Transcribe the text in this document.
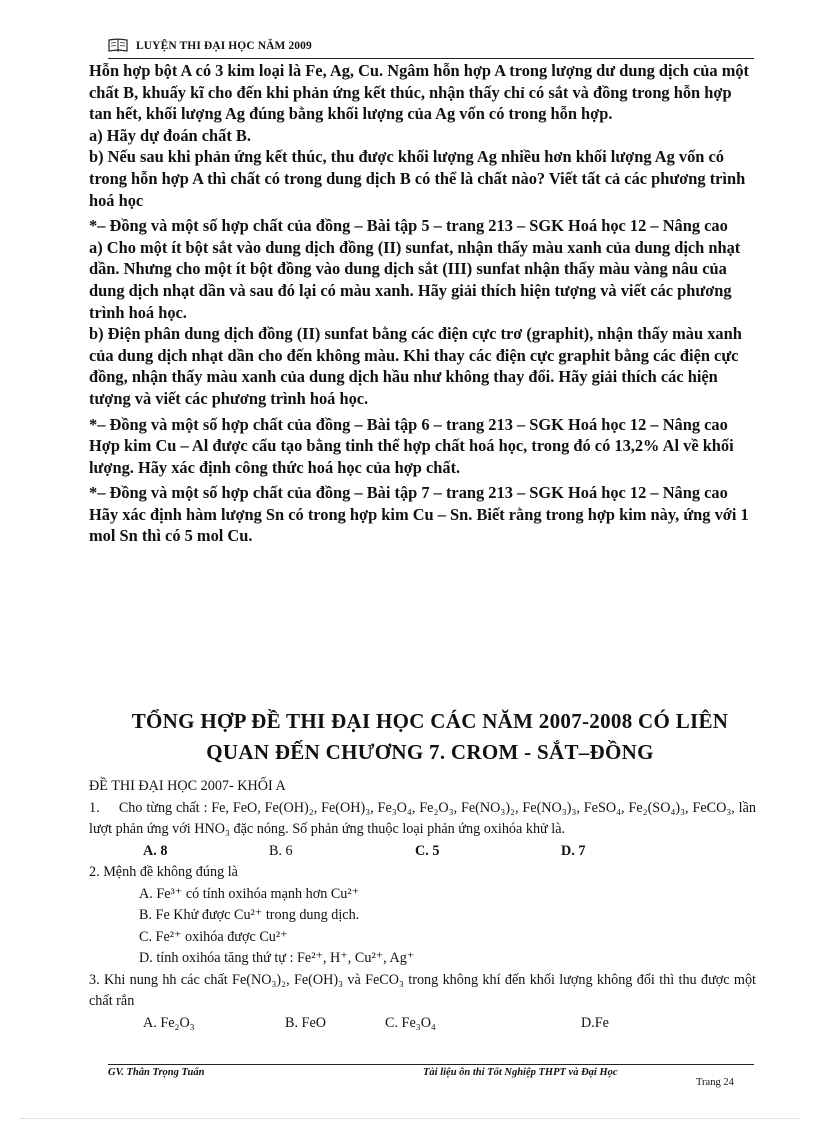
LUYỆN THI ĐẠI HỌC NĂM 2009

Hỗn hợp bột A có 3 kim loại là Fe, Ag, Cu. Ngâm hỗn hợp A trong lượng dư dung dịch của một chất B, khuấy kĩ cho đến khi phản ứng kết thúc, nhận thấy chỉ có sắt và đồng trong hỗn hợp tan hết, khối lượng Ag đúng bằng khối lượng của Ag vốn có trong hỗn hợp.

a) Hãy dự đoán chất B.

b) Nếu sau khi phản ứng kết thúc, thu được khối lượng Ag nhiều hơn khối lượng Ag vốn có trong hỗn hợp A thì chất có trong dung dịch B có thể là chất nào? Viết tất cả các phương trình hoá học

*– Đồng và một số hợp chất của đồng – Bài tập 5 – trang 213 – SGK Hoá học 12 – Nâng cao

a) Cho một ít bột sắt vào dung dịch đồng (II) sunfat, nhận thấy màu xanh của dung dịch nhạt dần. Nhưng cho một ít bột đồng vào dung dịch sắt (III) sunfat nhận thấy màu vàng nâu của dung dịch nhạt dần và sau đó lại có màu xanh. Hãy giải thích hiện tượng và viết các phương trình hoá học.

b) Điện phân dung dịch đồng (II) sunfat bằng các điện cực trơ (graphit), nhận thấy màu xanh của dung dịch nhạt dần cho đến không màu. Khi thay các điện cực graphit bằng các điện cực đồng, nhận thấy màu xanh của dung dịch hầu như không thay đổi. Hãy giải thích các hiện tượng và viết các phương trình hoá học.

*– Đồng và một số hợp chất của đồng – Bài tập 6 – trang 213 – SGK Hoá học 12 – Nâng cao

Hợp kim Cu – Al được cấu tạo bằng tinh thể hợp chất hoá học, trong đó có 13,2% Al về khối lượng. Hãy xác định công thức hoá học của hợp chất.

*– Đồng và một số hợp chất của đồng – Bài tập 7 – trang 213 – SGK Hoá học 12 – Nâng cao

Hãy xác định hàm lượng Sn có trong hợp kim Cu – Sn. Biết rằng trong hợp kim này, ứng với 1 mol Sn thì có 5 mol Cu.

TỔNG HỢP ĐỀ THI ĐẠI HỌC CÁC NĂM 2007-2008 CÓ LIÊN
QUAN ĐẾN CHƯƠNG 7. CROM - SẮT–ĐỒNG

ĐỀ THI ĐẠI HỌC 2007- KHỐI A

1. Cho từng chất : Fe, FeO, Fe(OH)₂, Fe(OH)₃, Fe₃O₄, Fe₂O₃, Fe(NO₃)₂, Fe(NO₃)₃, FeSO₄, Fe₂(SO₄)₃, FeCO₃, lần lượt phản ứng với HNO₃ đặc nóng. Số phản ứng thuộc loại phản ứng oxihóa khử là.

A. 8	B. 6	C. 5	D. 7

2. Mệnh đề không đúng là

A. Fe³⁺ có tính oxihóa mạnh hơn Cu²⁺

B. Fe Khử được Cu²⁺ trong dung dịch.

C. Fe²⁺ oxihóa được Cu²⁺

D. tính oxihóa tăng thứ tự : Fe²⁺, H⁺, Cu²⁺, Ag⁺

3. Khi nung hh các chất Fe(NO₃)₂, Fe(OH)₃ và FeCO₃ trong không khí đến khối lượng không đổi thì thu được một chất rắn

A. Fe₂O₃	B. FeO	C. Fe₃O₄	D.Fe
GV. Thân Trọng Tuấn	Tài liệu ôn thi Tốt Nghiệp THPT và Đại Học
Trang 24
